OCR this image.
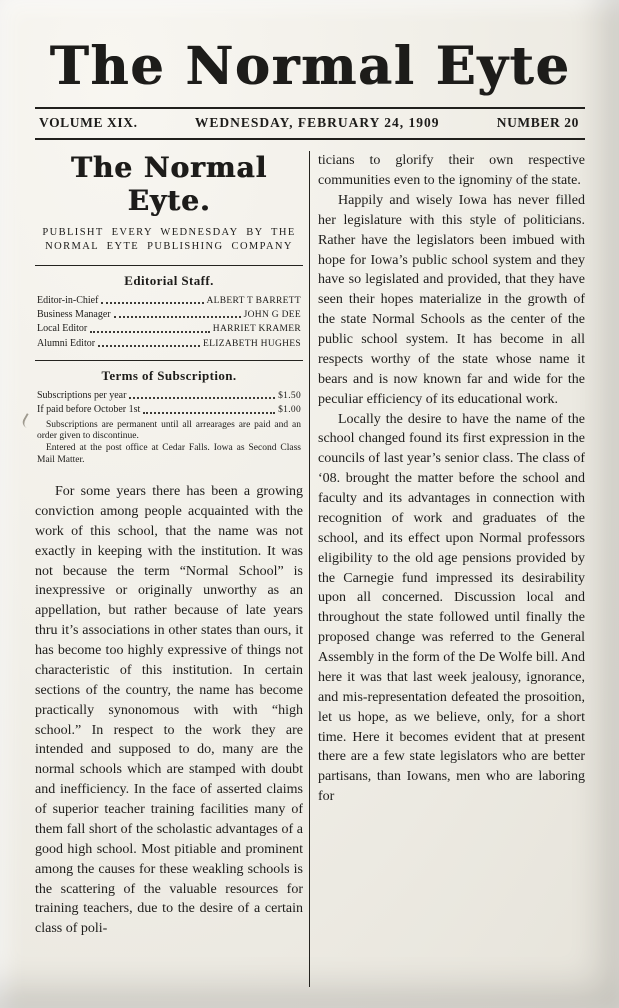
The Normal Eyte
VOLUME XIX.	WEDNESDAY, FEBRUARY 24, 1909	NUMBER 20
The Normal Eyte.
PUBLISHT EVERY WEDNESDAY BY THE NORMAL EYTE PUBLISHING COMPANY
Editorial Staff.
Editor-in-Chief	ALBERT T BARRETT
Business Manager	JOHN G DEE
Local Editor	HARRIET KRAMER
Alumni Editor	ELIZABETH HUGHES
Terms of Subscription.
Subscriptions per year	$1.50
If paid before October 1st	$1.00

Subscriptions are permanent until all arrearages are paid and an order given to discontinue.

Entered at the post office at Cedar Falls. Iowa as Second Class Mail Matter.

For some years there has been a growing conviction among people acquainted with the work of this school, that the name was not exactly in keeping with the institution. It was not because the term “Normal School” is inexpressive or originally unworthy as an appellation, but rather because of late years thru it’s associations in other states than ours, it has become too highly expressive of things not characteristic of this institution. In certain sections of the country, the name has become practically synonomous with with “high school.” In respect to the work they are intended and supposed to do, many are the normal schools which are stamped with doubt and inefficiency. In the face of asserted claims of superior teacher training facilities many of them fall short of the scholastic advantages of a good high school. Most pitiable and prominent among the causes for these weakling schools is the scattering of the valuable resources for training teachers, due to the desire of a certain class of poli-

ticians to glorify their own respective communities even to the ignominy of the state.

Happily and wisely Iowa has never filled her legislature with this style of politicians. Rather have the legislators been imbued with hope for Iowa’s public school system and they have so legislated and provided, that they have seen their hopes materialize in the growth of the state Normal Schools as the center of the public school system. It has become in all respects worthy of the state whose name it bears and is now known far and wide for the peculiar efficiency of its educational work.

Locally the desire to have the name of the school changed found its first expression in the councils of last year’s senior class. The class of ‘08. brought the matter before the school and faculty and its advantages in connection with recognition of work and graduates of the school, and its effect upon Normal professors eligibility to the old age pensions provided by the Carnegie fund impressed its desirability upon all concerned. Discussion local and throughout the state followed until finally the proposed change was referred to the General Assembly in the form of the De Wolfe bill. And here it was that last week jealousy, ignorance, and mis-representation defeated the prosoition, let us hope, as we believe, only, for a short time. Here it becomes evident that at present there are a few state legislators who are better partisans, than Iowans, men who are laboring for
